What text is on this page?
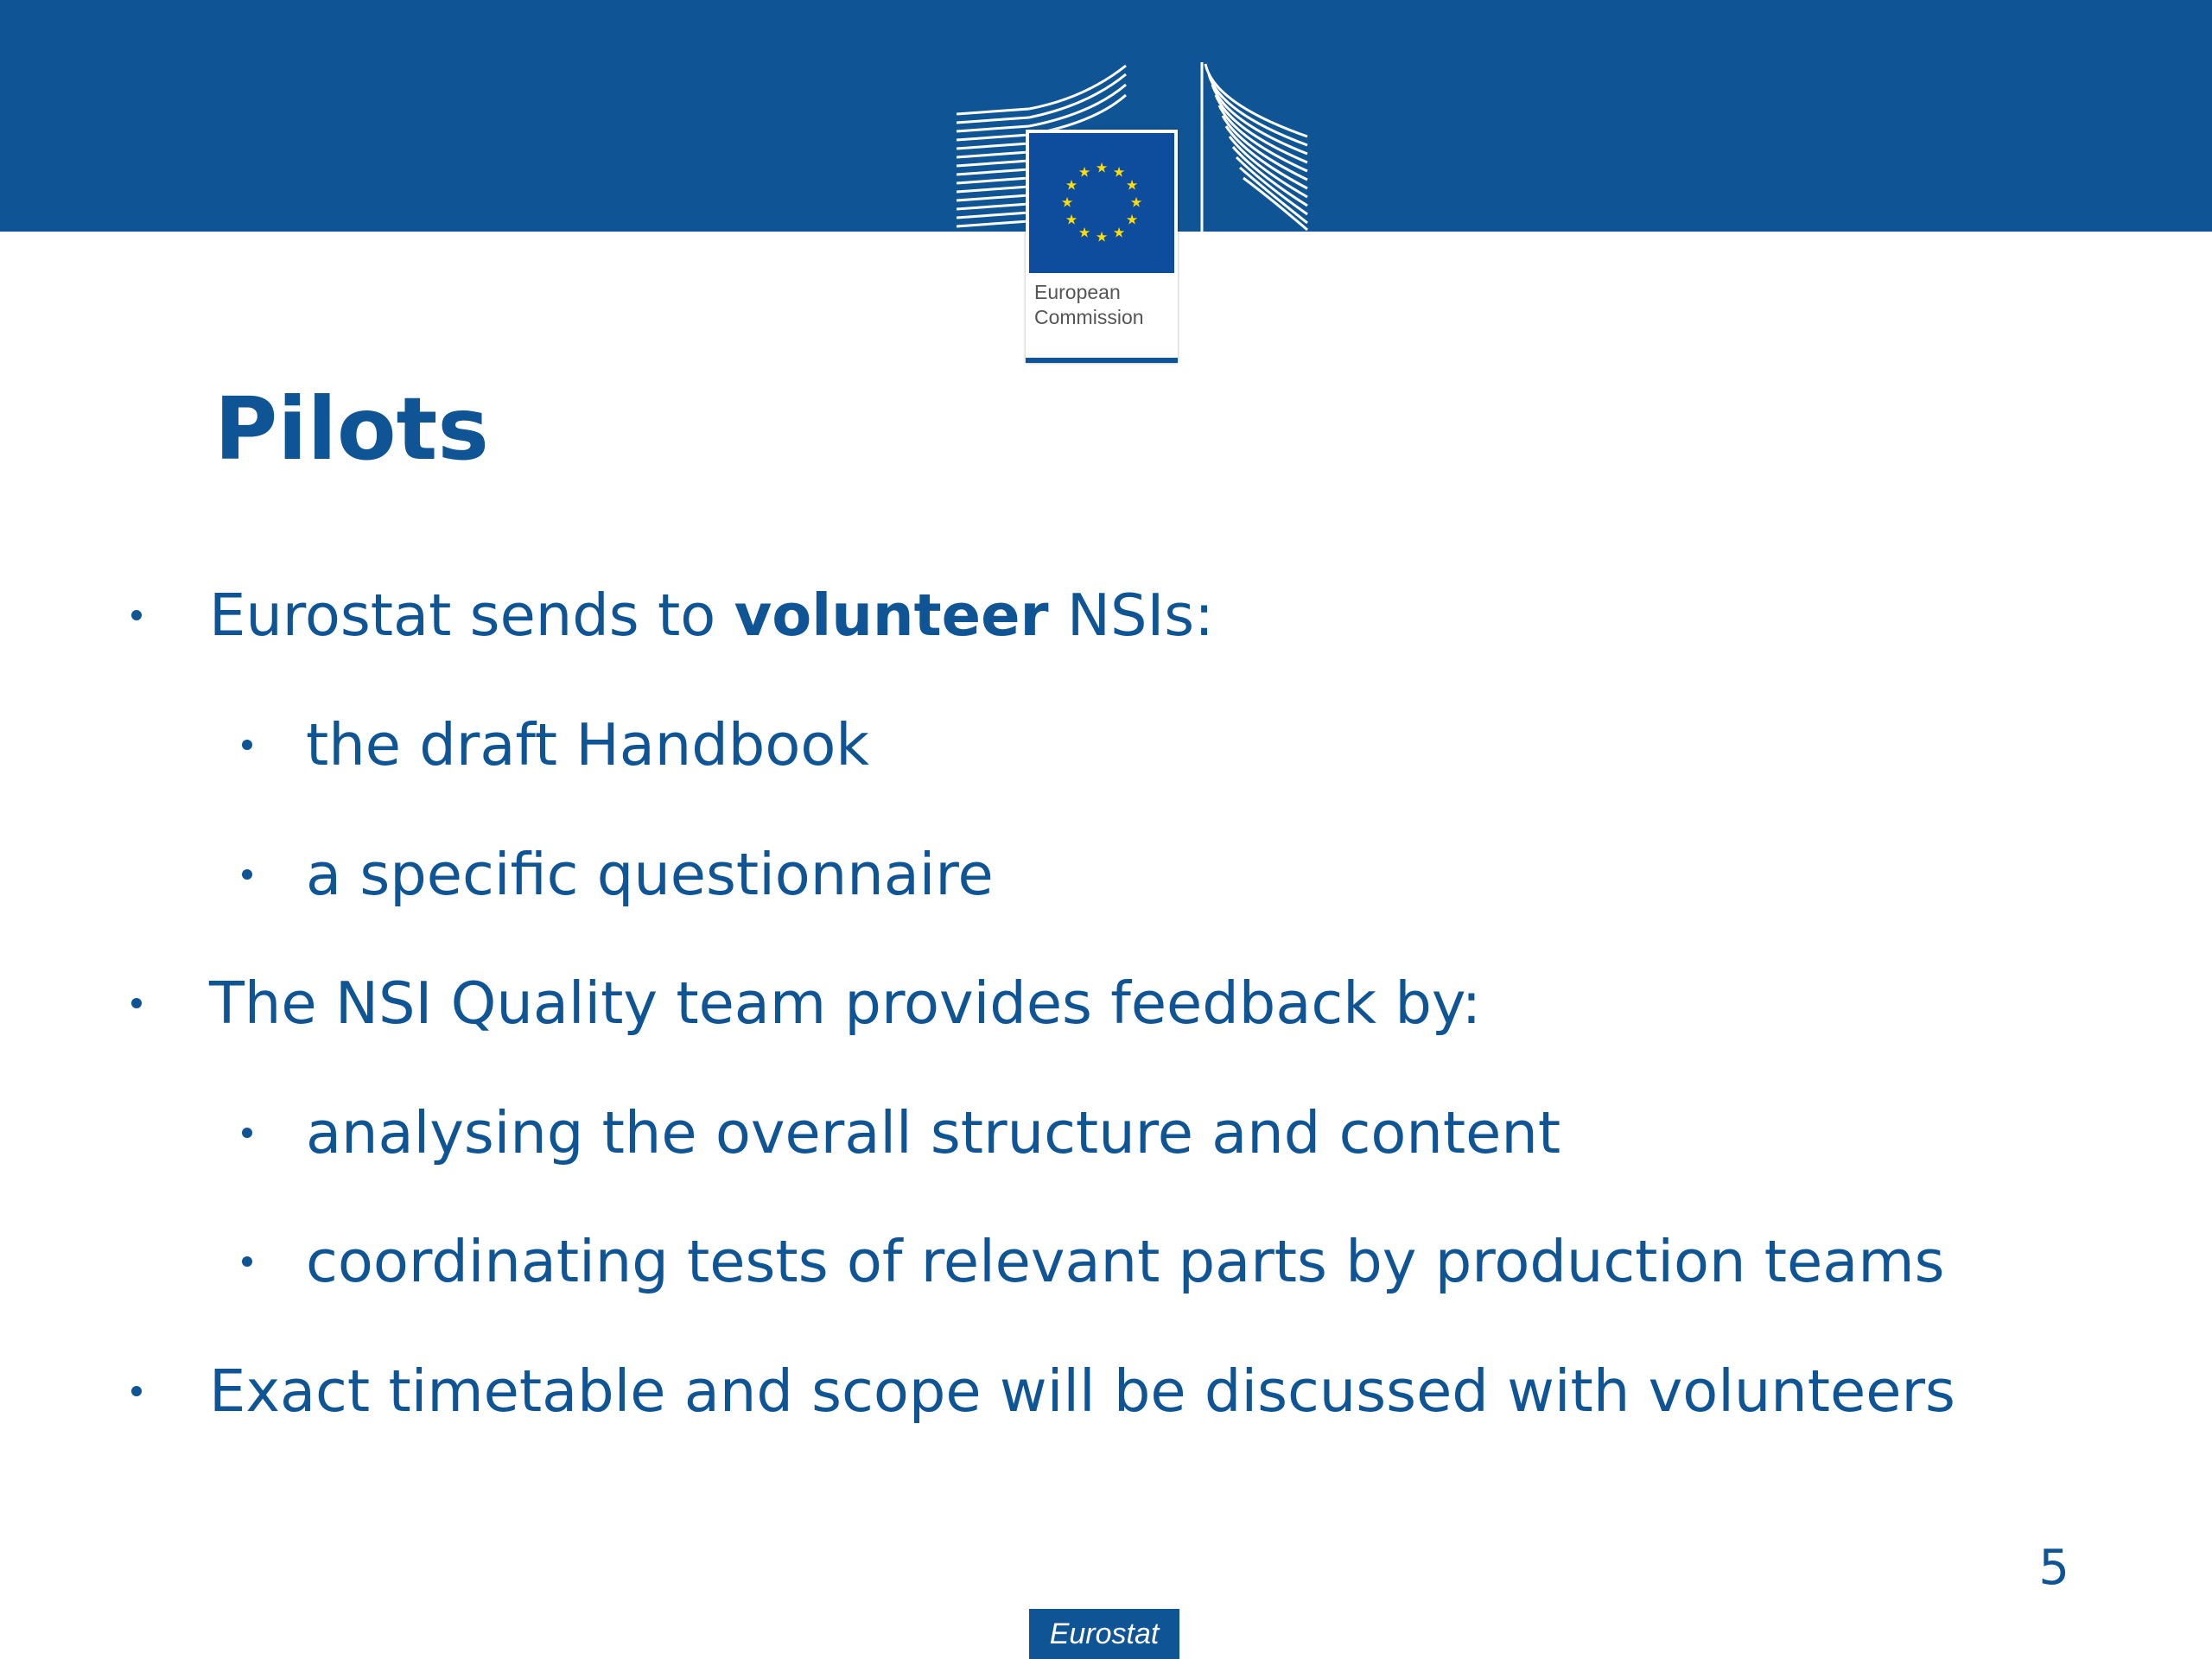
★ ★
★
★
★
★
★
★
★
★
★
★
European
Commission
Pilots
Eurostat sends to volunteer NSIs:
the draft Handbook
a specific questionnaire
The NSI Quality team provides feedback by:
analysing the overall structure and content
coordinating tests of relevant parts by production teams
Exact timetable and scope will be discussed with volunteers
5
Eurostat
